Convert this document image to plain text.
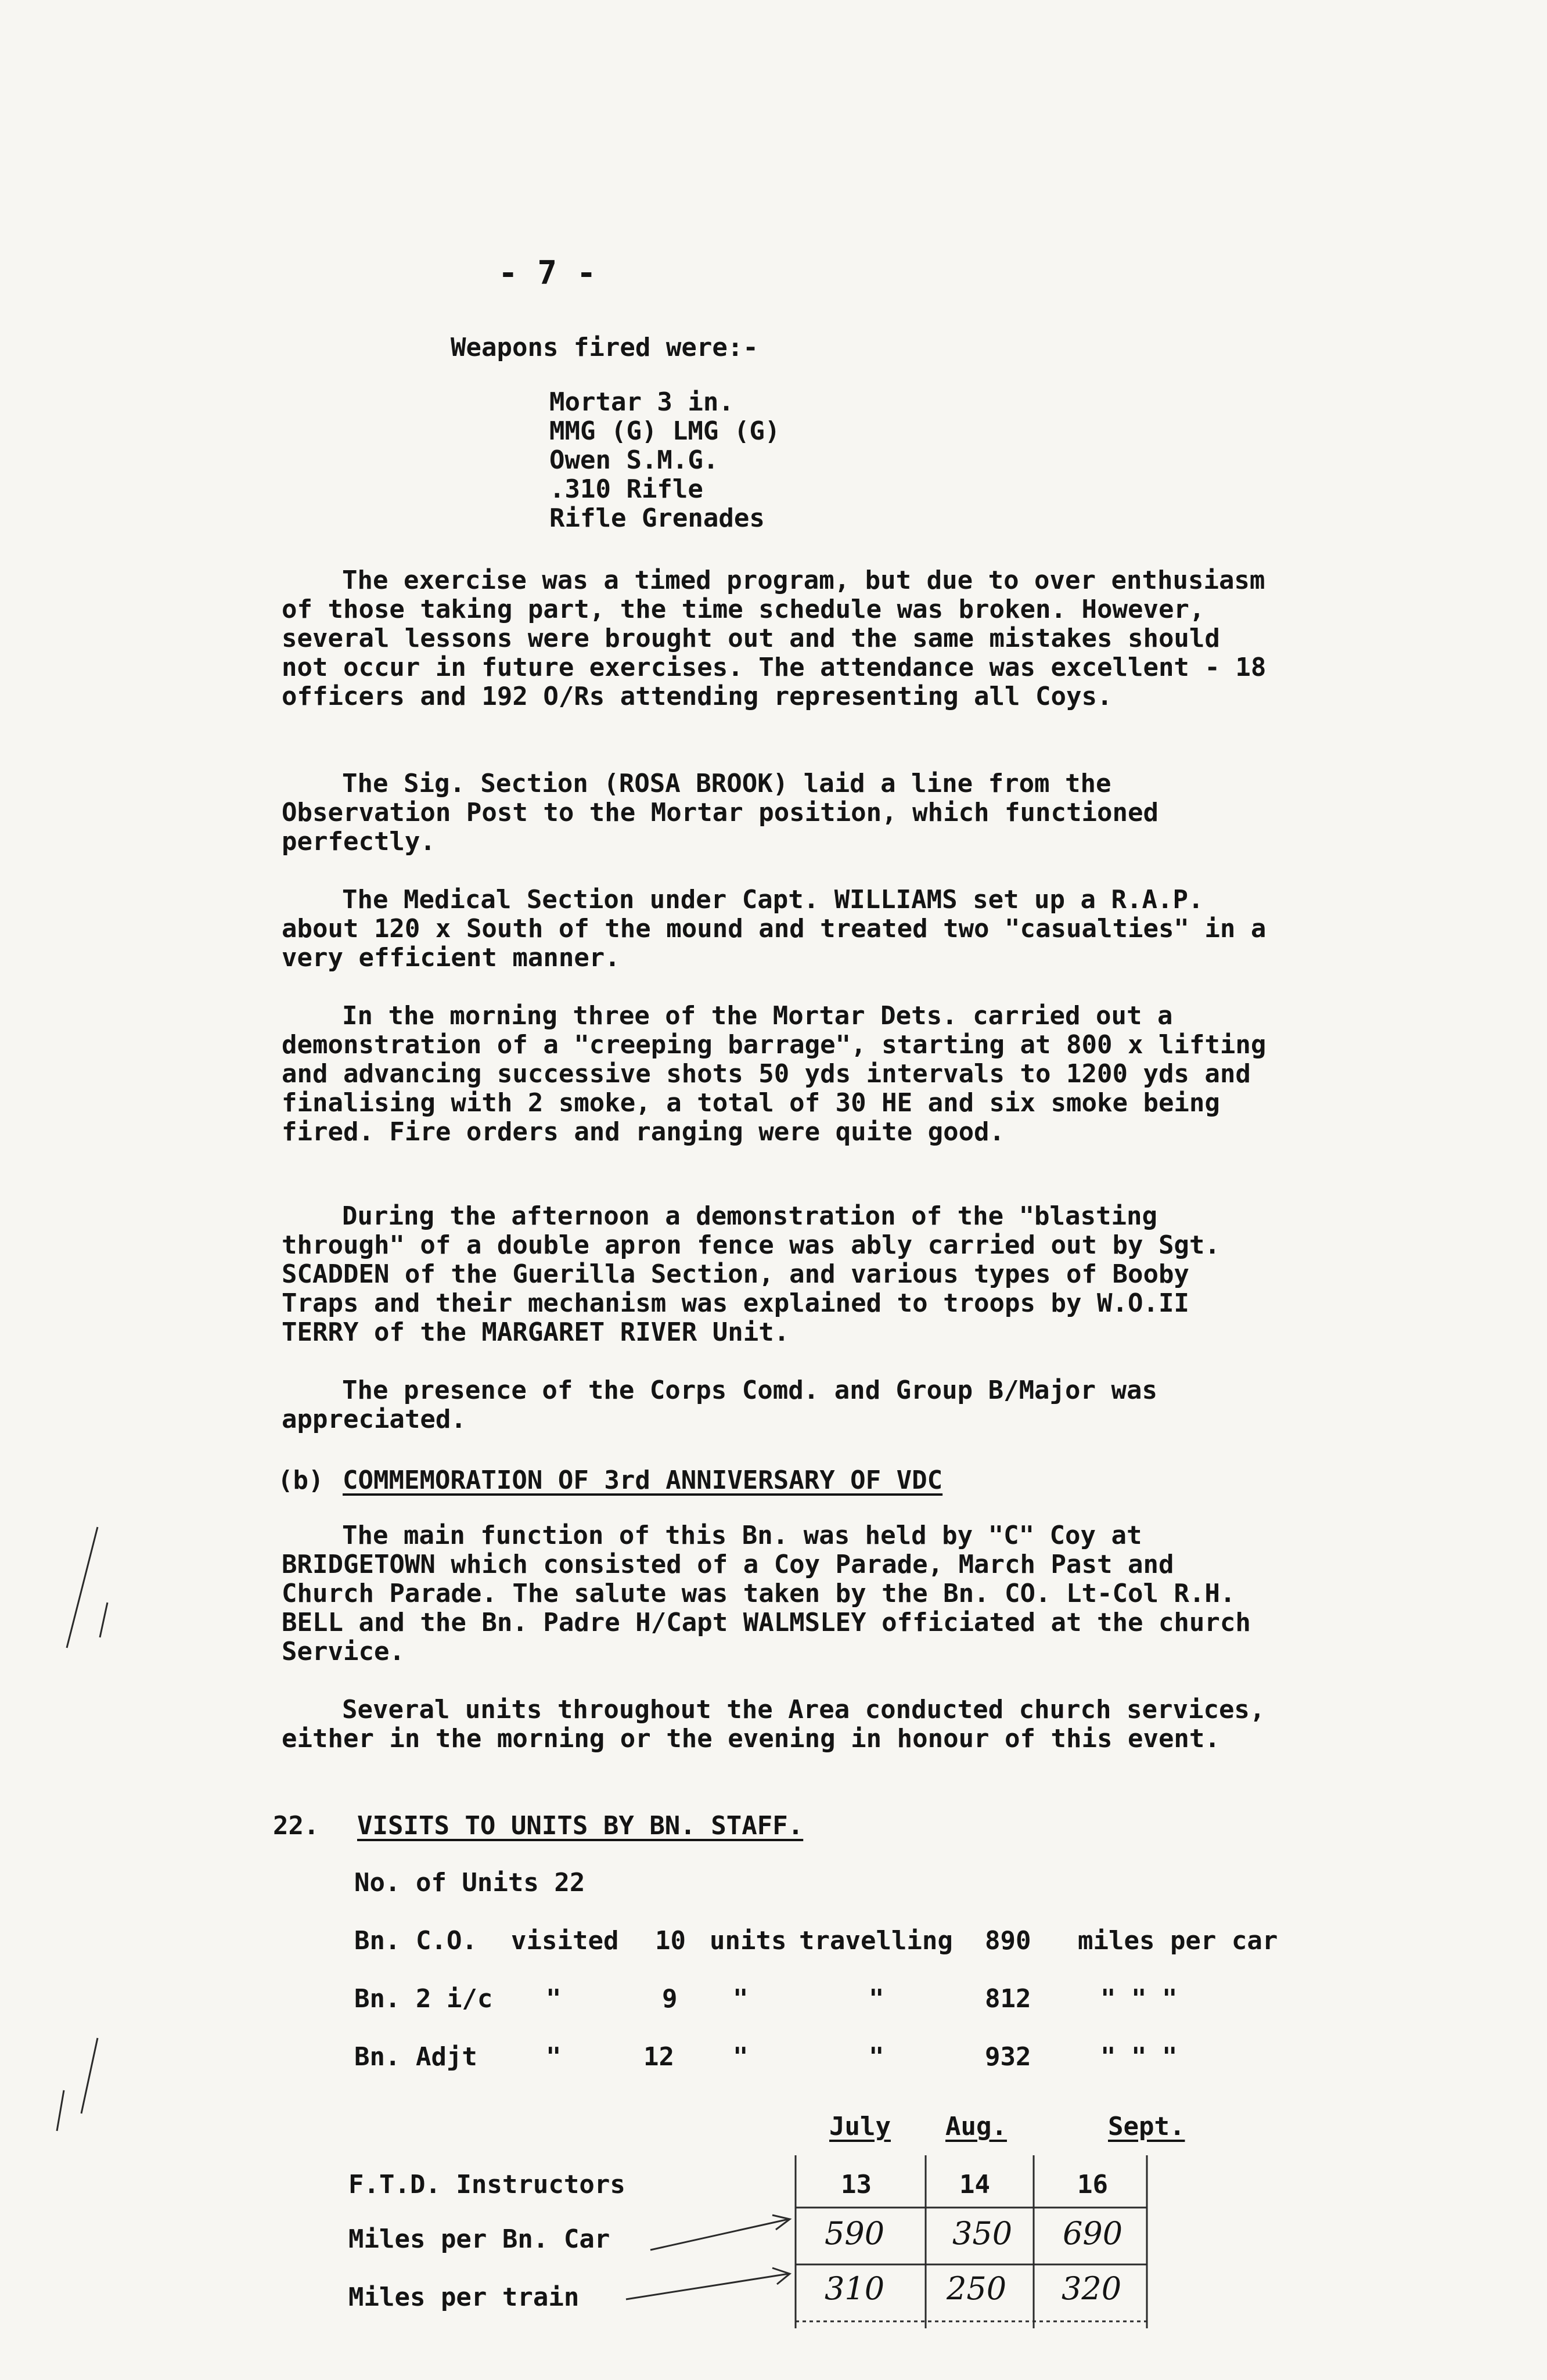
- 7 -
Weapons fired were:-
Mortar 3 in.
MMG (G) LMG (G)
Owen S.M.G.
.310 Rifle
Rifle Grenades

The exercise was a timed program, but due to over enthusiasm of those taking part, the time schedule was broken. However, several lessons were brought out and the same mistakes should not occur in future exercises. The attendance was excellent - 18 officers and 192 O/Rs attending representing all Coys.

The Sig. Section (ROSA BROOK) laid a line from the Observation Post to the Mortar position, which functioned perfectly.

The Medical Section under Capt. WILLIAMS set up a R.A.P. about 120 x South of the mound and treated two "casualties" in a very efficient manner.

In the morning three of the Mortar Dets. carried out a demonstration of a "creeping barrage", starting at 800 x lifting and advancing successive shots 50 yds intervals to 1200 yds and finalising with 2 smoke, a total of 30 HE and six smoke being fired. Fire orders and ranging were quite good.

During the afternoon a demonstration of the "blasting through" of a double apron fence was ably carried out by Sgt. SCADDEN of the Guerilla Section, and various types of Booby Traps and their mechanism was explained to troops by W.O.II TERRY of the MARGARET RIVER Unit.

The presence of the Corps Comd. and Group B/Major was appreciated.

(b) COMMEMORATION OF 3rd ANNIVERSARY OF VDC

The main function of this Bn. was held by "C" Coy at BRIDGETOWN which consisted of a Coy Parade, March Past and Church Parade. The salute was taken by the Bn. CO. Lt-Col R.H. BELL and the Bn. Padre H/Capt WALMSLEY officiated at the church Service.

Several units throughout the Area conducted church services, either in the morning or the evening in honour of this event.

22. VISITS TO UNITS BY BN. STAFF.
No. of Units 22
Bn. C.O. visited 10 units travelling 890 miles per car
Bn. 2 i/c "	9 "	"	812	" " "
Bn. Adjt	"	12 "	"	932	" " "
July Aug.	Sept.
F.T.D. Instructors	13	14	16
Miles per Bn. Car	590 350 690
Miles per train	310 250 320
